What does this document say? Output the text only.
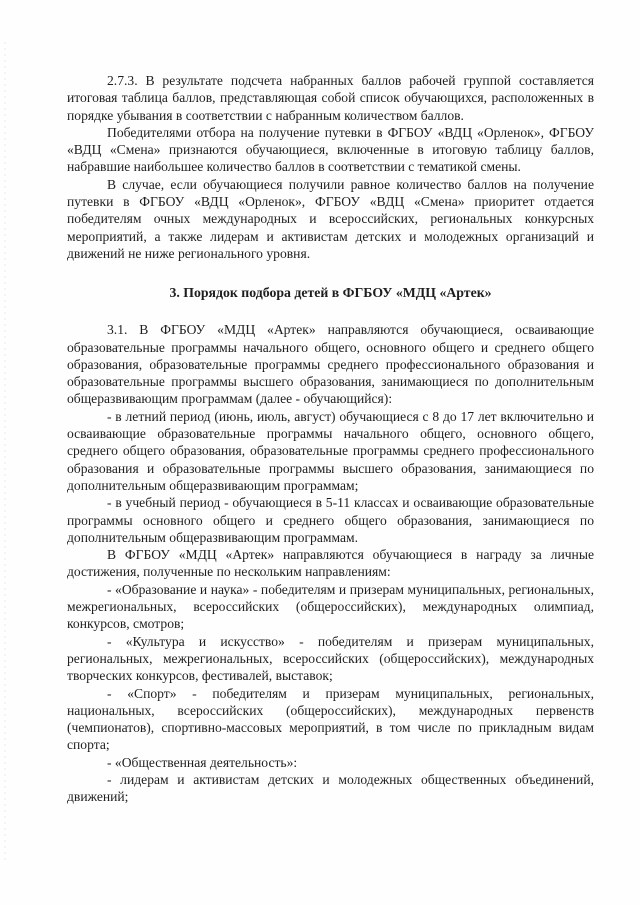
2.7.3. В результате подсчета набранных баллов рабочей группой составляется итоговая таблица баллов, представляющая собой список обучающихся, расположенных в порядке убывания в соответствии с набранным количеством баллов.

Победителями отбора на получение путевки в ФГБОУ «ВДЦ «Орленок», ФГБОУ «ВДЦ «Смена» признаются обучающиеся, включенные в итоговую таблицу баллов, набравшие наибольшее количество баллов в соответствии с тематикой смены.

В случае, если обучающиеся получили равное количество баллов на получение путевки в ФГБОУ «ВДЦ «Орленок», ФГБОУ «ВДЦ «Смена» приоритет отдается победителям очных международных и всероссийских, региональных конкурсных мероприятий, а также лидерам и активистам детских и молодежных организаций и движений не ниже регионального уровня.

3. Порядок подбора детей в ФГБОУ «МДЦ «Артек»

3.1. В ФГБОУ «МДЦ «Артек» направляются обучающиеся, осваивающие образовательные программы начального общего, основного общего и среднего общего образования, образовательные программы среднего профессионального образования и образовательные программы высшего образования, занимающиеся по дополнительным общеразвивающим программам (далее - обучающийся):

- в летний период (июнь, июль, август) обучающиеся с 8 до 17 лет включительно и осваивающие образовательные программы начального общего, основного общего, среднего общего образования, образовательные программы среднего профессионального образования и образовательные программы высшего образования, занимающиеся по дополнительным общеразвивающим программам;

- в учебный период - обучающиеся в 5-11 классах и осваивающие образовательные программы основного общего и среднего общего образования, занимающиеся по дополнительным общеразвивающим программам.

В ФГБОУ «МДЦ «Артек» направляются обучающиеся в награду за личные достижения, полученные по нескольким направлениям:

- «Образование и наука» - победителям и призерам муниципальных, региональных, межрегиональных, всероссийских (общероссийских), международных олимпиад, конкурсов, смотров;

- «Культура и искусство» - победителям и призерам муниципальных, региональных, межрегиональных, всероссийских (общероссийских), международных творческих конкурсов, фестивалей, выставок;

- «Спорт» - победителям и призерам муниципальных, региональных, национальных, всероссийских (общероссийских), международных первенств (чемпионатов), спортивно-массовых мероприятий, в том числе по прикладным видам спорта;

- «Общественная деятельность»:

- лидерам и активистам детских и молодежных общественных объединений, движений;
